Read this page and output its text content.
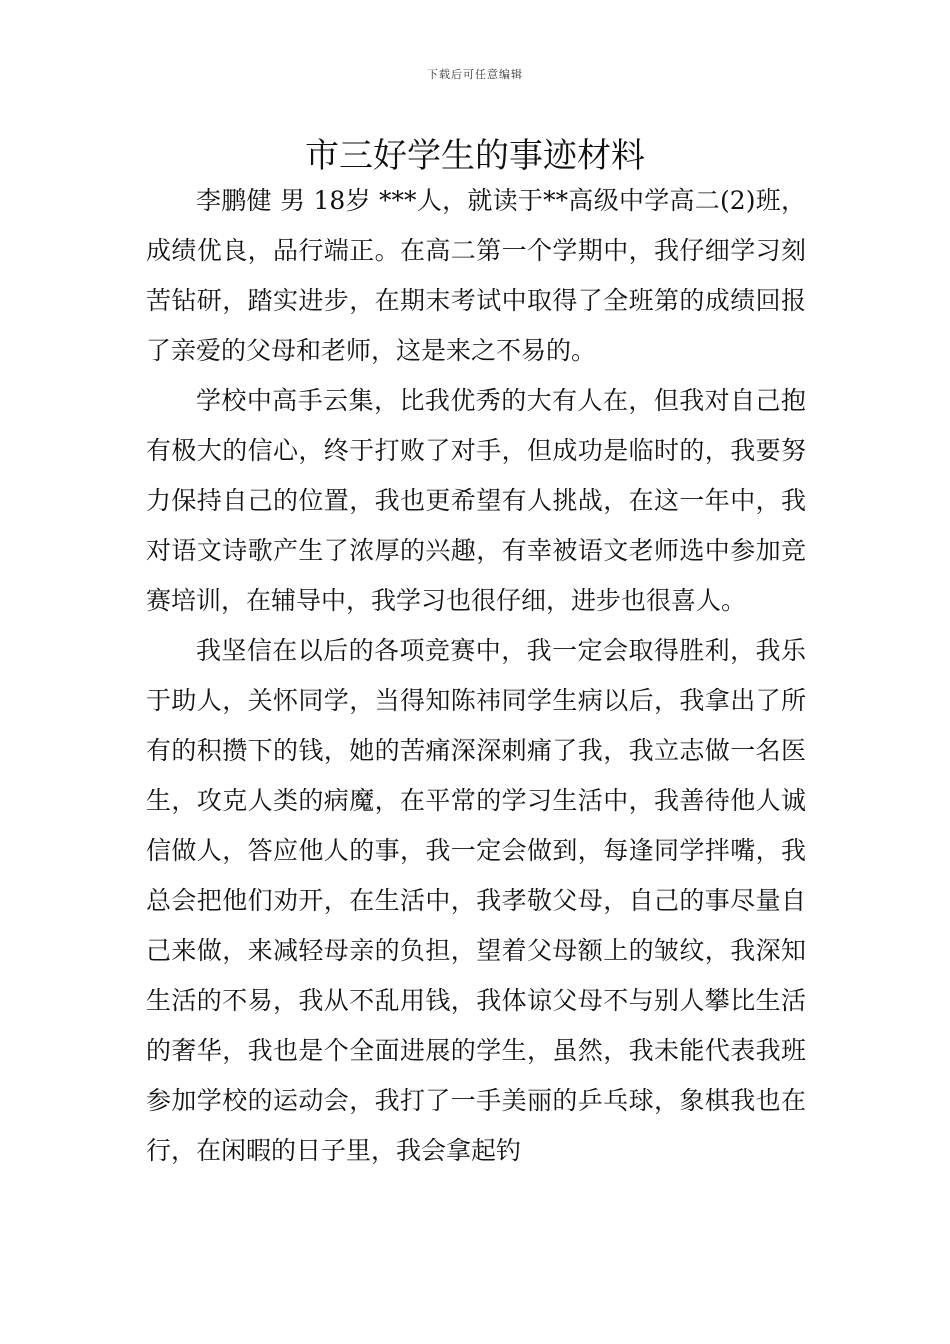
下载后可任意编辑
市三好学生的事迹材料

李鹏健 男 18岁 ***人，就读于**高级中学高二(2)班，成绩优良，品行端正。在高二第一个学期中，我仔细学习刻苦钻研，踏实进步，在期末考试中取得了全班第的成绩回报了亲爱的父母和老师，这是来之不易的。

学校中高手云集，比我优秀的大有人在，但我对自己抱有极大的信心，终于打败了对手，但成功是临时的，我要努力保持自己的位置，我也更希望有人挑战，在这一年中，我对语文诗歌产生了浓厚的兴趣，有幸被语文老师选中参加竞赛培训，在辅导中，我学习也很仔细，进步也很喜人。

我坚信在以后的各项竞赛中，我一定会取得胜利，我乐于助人，关怀同学，当得知陈祎同学生病以后，我拿出了所有的积攒下的钱，她的苦痛深深刺痛了我，我立志做一名医生，攻克人类的病魔，在平常的学习生活中，我善待他人诚信做人，答应他人的事，我一定会做到，每逢同学拌嘴，我总会把他们劝开，在生活中，我孝敬父母，自己的事尽量自己来做，来减轻母亲的负担，望着父母额上的皱纹，我深知生活的不易，我从不乱用钱，我体谅父母不与别人攀比生活的奢华，我也是个全面进展的学生，虽然，我未能代表我班参加学校的运动会，我打了一手美丽的乒乓球，象棋我也在行，在闲暇的日子里，我会拿起钓
